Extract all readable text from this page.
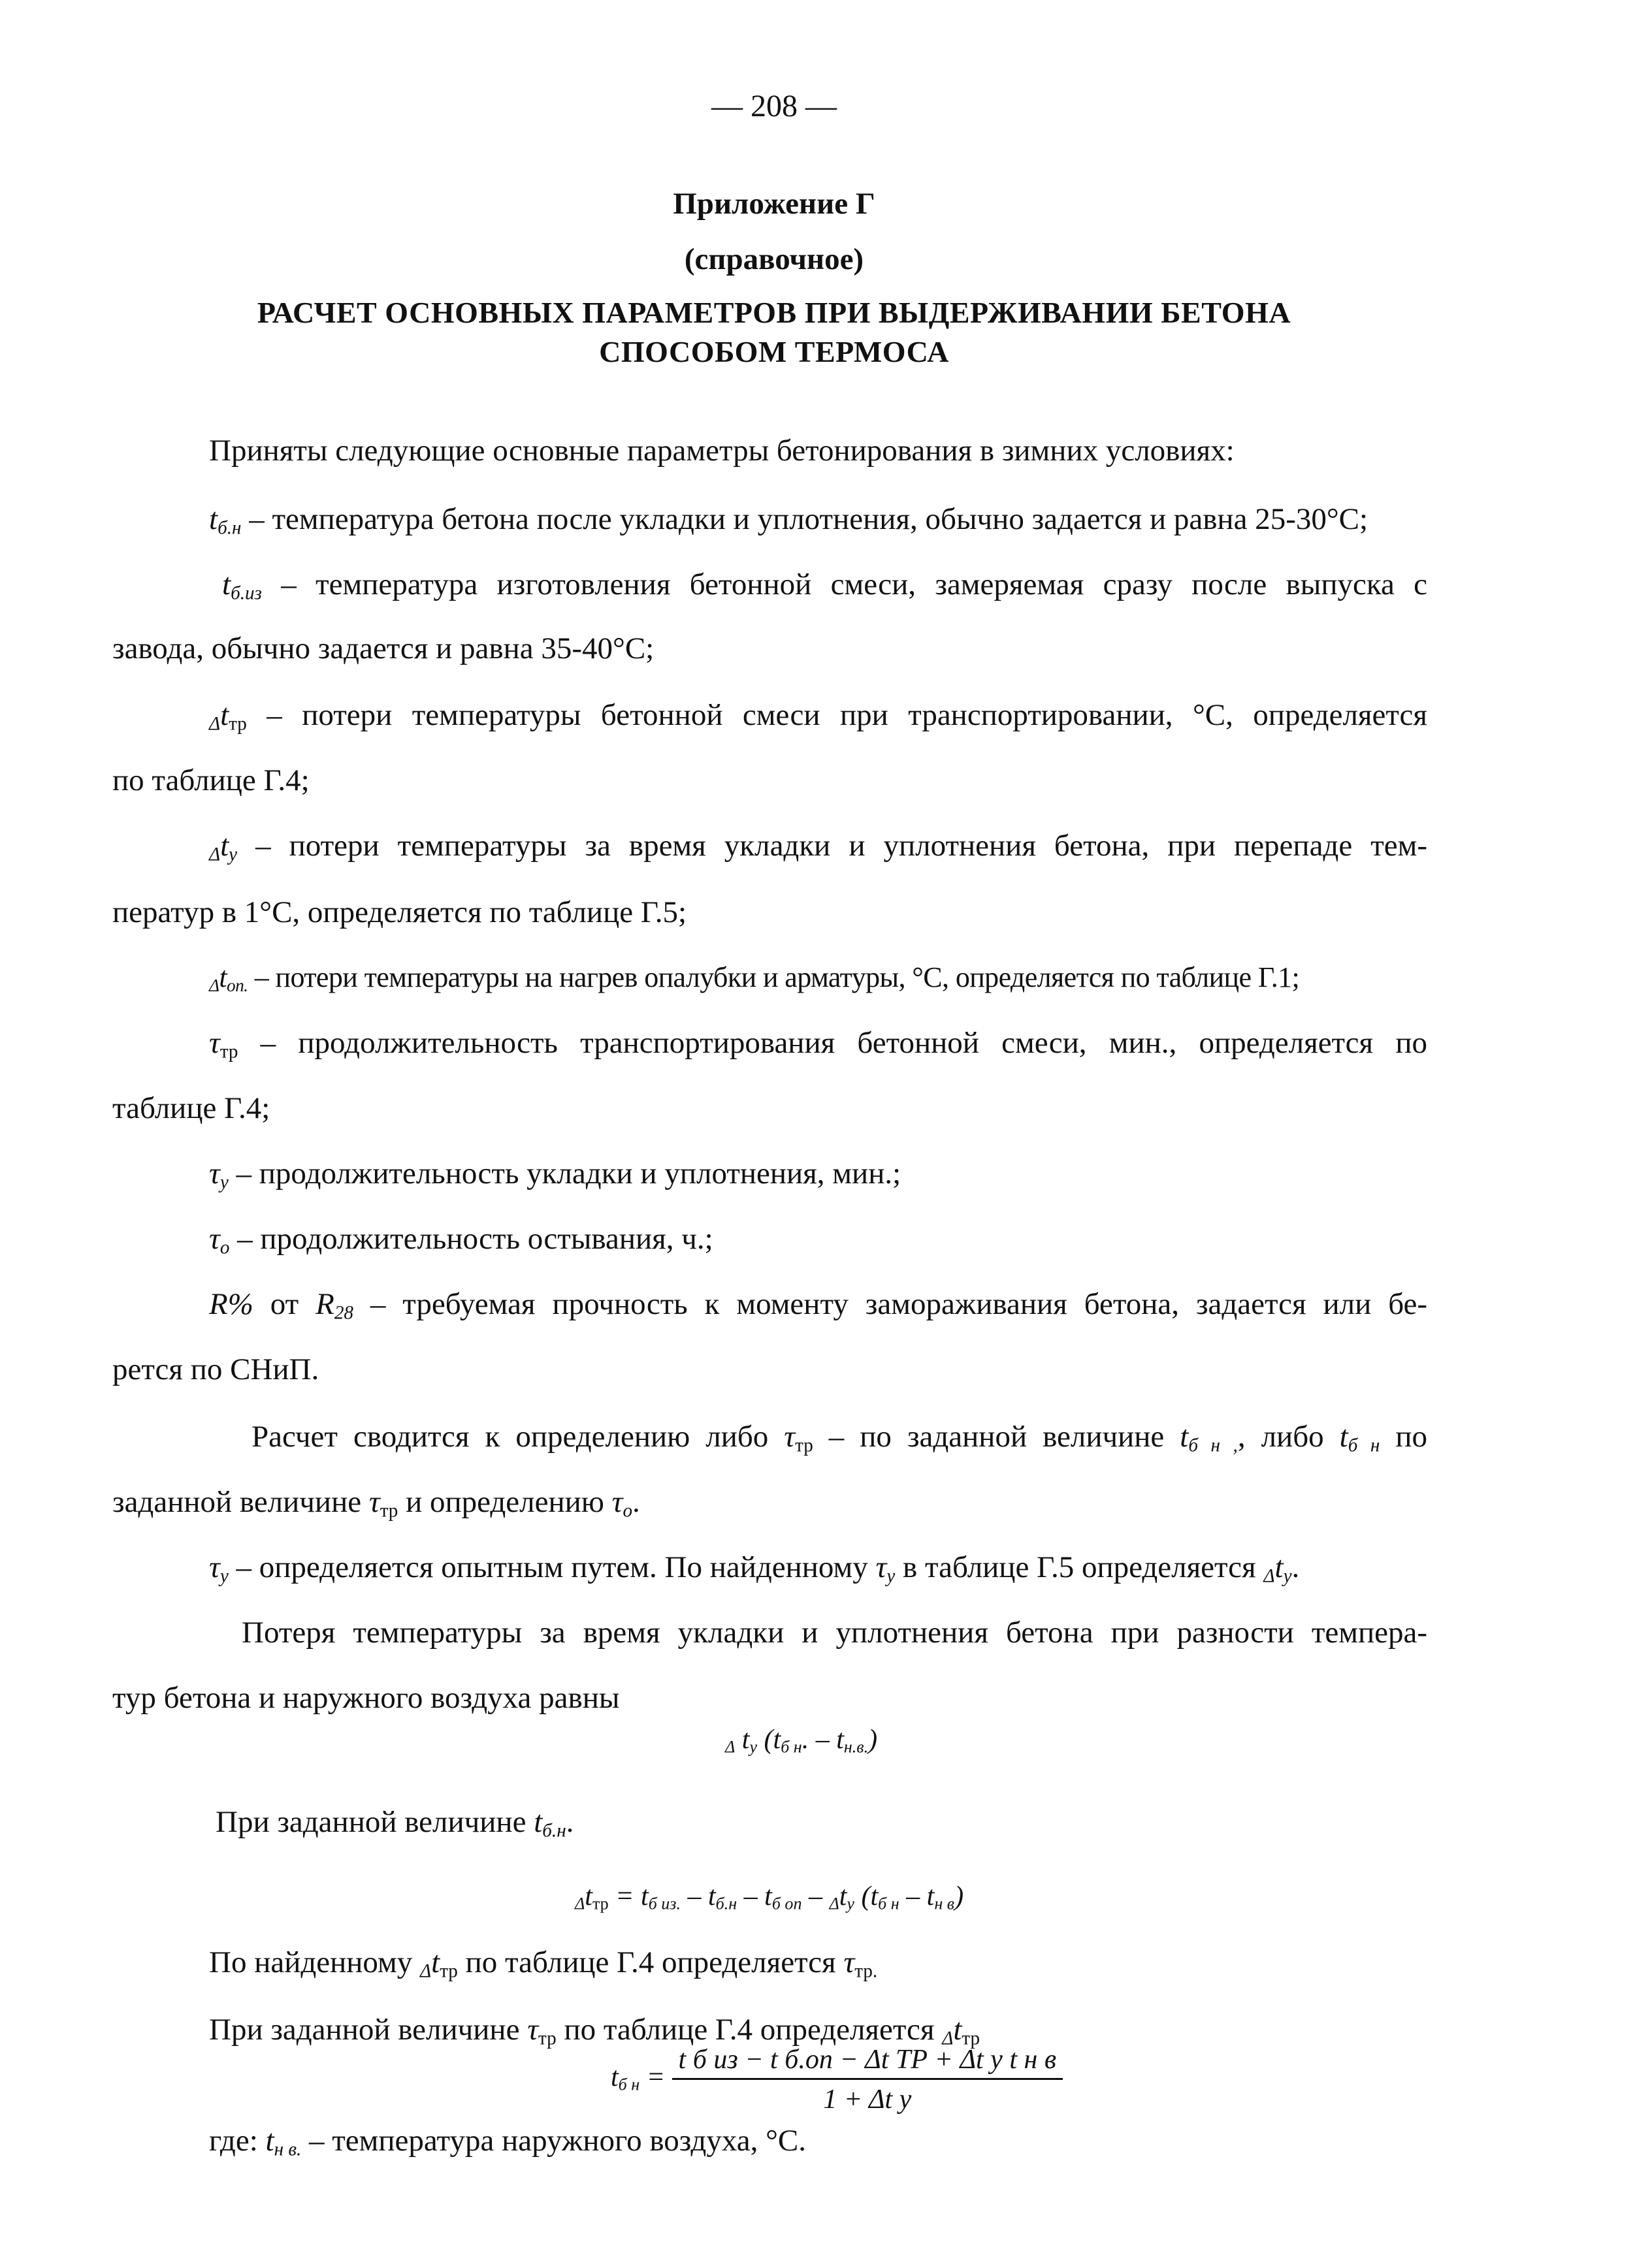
— 208 —
Приложение Г
(справочное)
РАСЧЕТ ОСНОВНЫХ ПАРАМЕТРОВ ПРИ ВЫДЕРЖИВАНИИ БЕТОНА
СПОСОБОМ ТЕРМОСА
Приняты следующие основные параметры бетонирования в зимних условиях:
$t_{б.н}$ – температура бетона после укладки и уплотнения, обычно задается и равна 25-30°С;
$t_{б.из}$ – температура изготовления бетонной смеси, замеряемая сразу после выпуска с
завода, обычно задается и равна 35-40°С;
$_\Delta t_{тр}$ – потери температуры бетонной смеси при транспортировании, °С, определяется
по таблице Г.4;
$_\Delta t_у$ – потери температуры за время укладки и уплотнения бетона, при перепаде тем-
ператур в 1°С, определяется по таблице Г.5;
$_\Delta t_{оп.}$ – потери температуры на нагрев опалубки и арматуры, °С, определяется по таблице Г.1;
$\tau_{тр}$ – продолжительность транспортирования бетонной смеси, мин., определяется по
таблице Г.4;
$\tau_у$ – продолжительность укладки и уплотнения, мин.;
$\tau_о$ – продолжительность остывания, ч.;
R% от $R_{28}$ – требуемая прочность к моменту замораживания бетона, задается или бе-
рется по СНиП.
Расчет сводится к определению либо $\tau_{тр}$ – по заданной величине $t_{б н ,}$, либо $t_{б н}$ по
заданной величине $\tau_{тр}$ и определению $\tau_о$.
$\tau_у$ – определяется опытным путем. По найденному $\tau_у$ в таблице Г.5 определяется $_\Delta t_у$.
Потеря температуры за время укладки и уплотнения бетона при разности темпера-
тур бетона и наружного воздуха равны
$_\Delta$ $t_у$ ($t_{б н}$. – $t_{н.в.}$)
При заданной величине $t_{б.н}$.
$_\Delta t_{тр} = t_{б из.} - t_{б.н} - t_{б оп} - _\Delta t_у$ $(t_{б н} - t_{н в})$
По найденному $_\Delta t_{тр}$ по таблице Г.4 определяется $\tau_{тр.}$
При заданной величине $\tau_{тр}$ по таблице Г.4 определяется $_\Delta t_{тр}$
$t_{б н} = \frac{\text{t б из − t б.оп − Δt ТР + Δt у t н в}}{\text{1 + Δt у}}$
где: $t_{н в.}$ – температура наружного воздуха, °С.
